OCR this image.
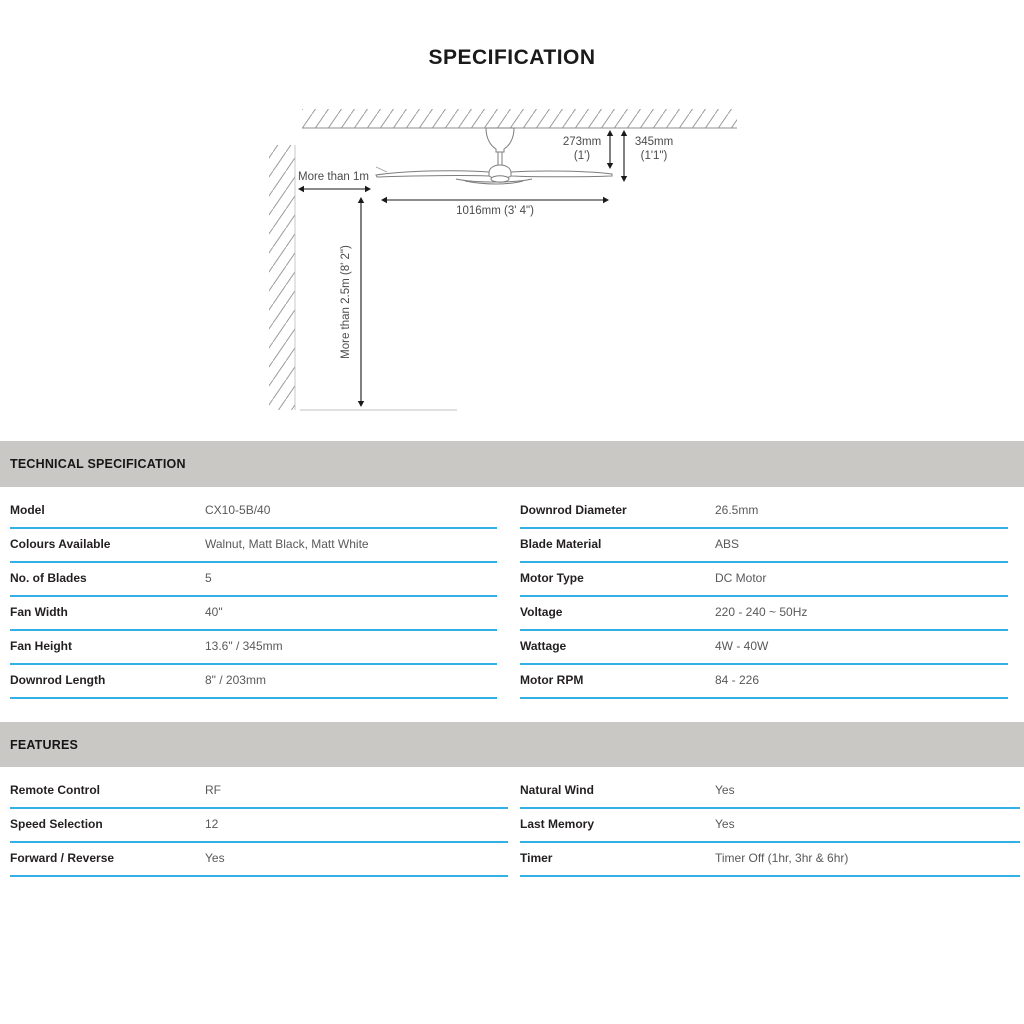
SPECIFICATION
273mm
(1')
345mm
(1'1")
More than 1m
1016mm (3' 4")
More than 2.5m (8' 2")
TECHNICAL SPECIFICATION
Model	CX10-5B/40
Colours Available	Walnut, Matt Black, Matt White
No. of Blades	5
Fan Width	40"
Fan Height	13.6" / 345mm
Downrod Length	8" / 203mm
Downrod Diameter	26.5mm
Blade Material	ABS
Motor Type	DC Motor
Voltage	220 - 240 ~ 50Hz
Wattage	4W - 40W
Motor RPM	84 - 226
FEATURES
Remote Control	RF
Speed Selection	12
Forward / Reverse	Yes
Natural Wind	Yes
Last Memory	Yes
Timer	Timer Off (1hr, 3hr & 6hr)
